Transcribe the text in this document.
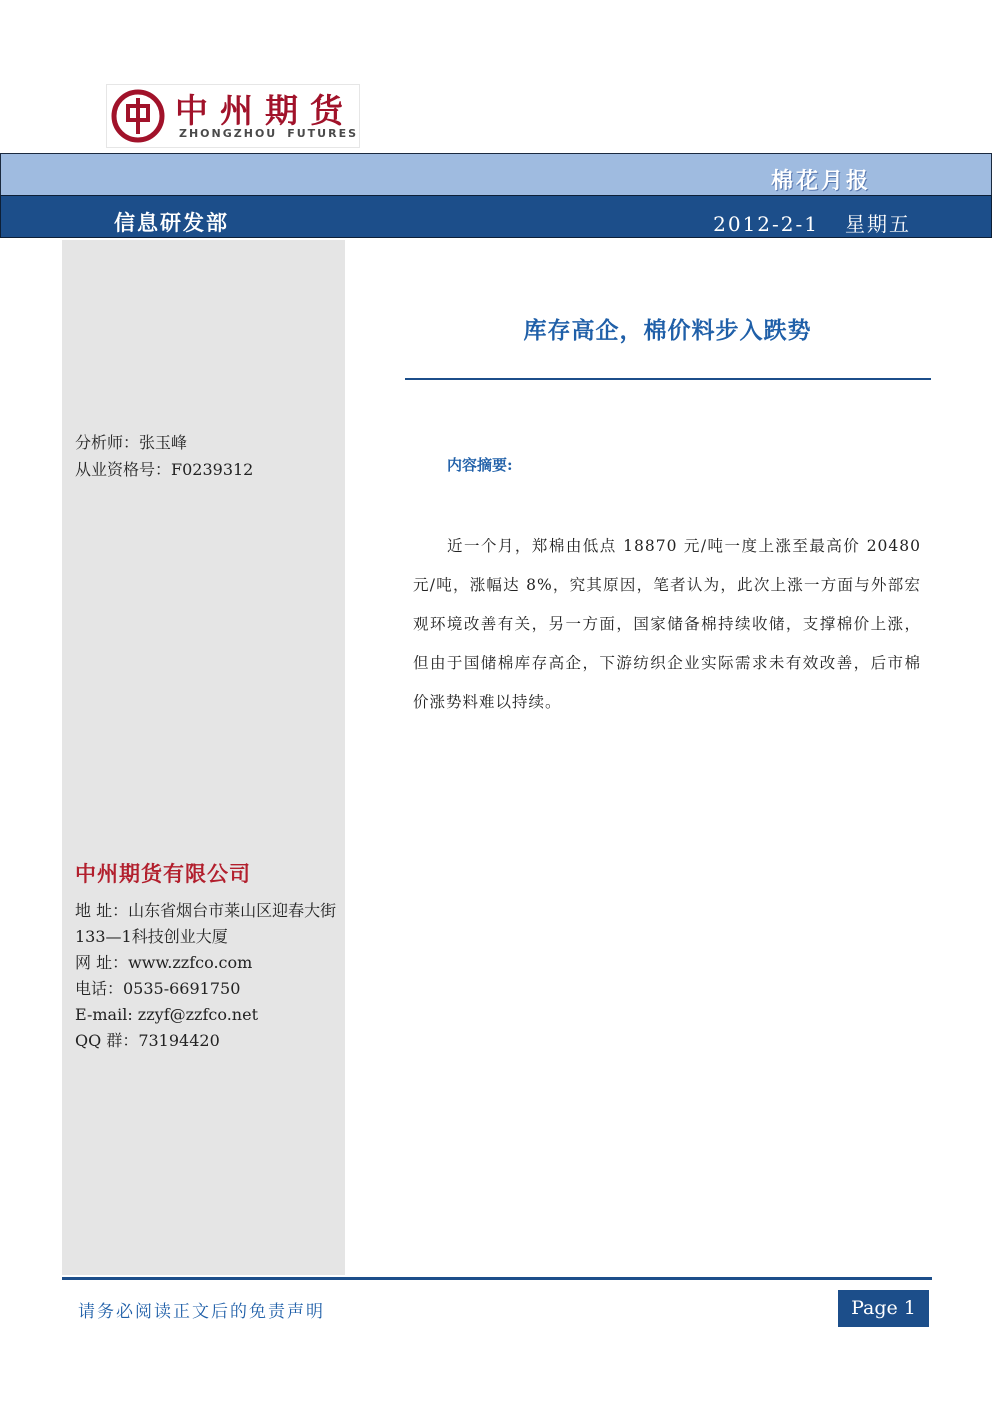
中州期货
ZHONGZHOU FUTURES
棉花月报
信息研发部	2012-2-1 星期五
分析师：张玉峰
从业资格号：F0239312
中州期货有限公司
地 址：山东省烟台市莱山区迎春大街133—1科技创业大厦
网 址：www.zzfco.com
电话：0535-6691750
E-mail: zzyf@zzfco.net
QQ 群：73194420
库存高企，棉价料步入跌势
内容摘要:
近一个月，郑棉由低点 18870 元/吨一度上涨至最高价 20480 元/吨，涨幅达 8%，究其原因，笔者认为，此次上涨一方面与外部宏观环境改善有关，另一方面，国家储备棉持续收储，支撑棉价上涨，但由于国储棉库存高企，下游纺织企业实际需求未有效改善，后市棉价涨势料难以持续。
请务必阅读正文后的免责声明	Page 1
